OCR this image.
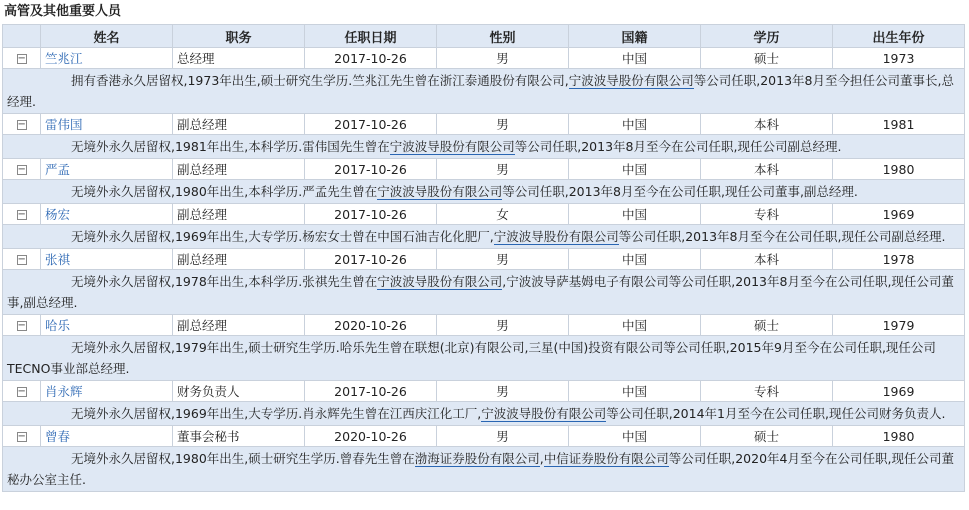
高管及其他重要人员
	姓名	职务	任职日期	性别	国籍	学历	出生年份
−	竺兆江	总经理	2017-10-26	男	中国	硕士	1973
拥有香港永久居留权,1973年出生,硕士研究生学历.竺兆江先生曾在浙江泰通股份有限公司,宁波波导股份有限公司等公司任职,2013年8月至今担任公司董事长,总经理.							
−	雷伟国	副总经理	2017-10-26	男	中国	本科	1981
无境外永久居留权,1981年出生,本科学历.雷伟国先生曾在宁波波导股份有限公司等公司任职,2013年8月至今在公司任职,现任公司副总经理.							
−	严孟	副总经理	2017-10-26	男	中国	本科	1980
无境外永久居留权,1980年出生,本科学历.严孟先生曾在宁波波导股份有限公司等公司任职,2013年8月至今在公司任职,现任公司董事,副总经理.							
−	杨宏	副总经理	2017-10-26	女	中国	专科	1969
无境外永久居留权,1969年出生,大专学历.杨宏女士曾在中国石油吉化化肥厂,宁波波导股份有限公司等公司任职,2013年8月至今在公司任职,现任公司副总经理.							
−	张祺	副总经理	2017-10-26	男	中国	本科	1978
无境外永久居留权,1978年出生,本科学历.张祺先生曾在宁波波导股份有限公司,宁波波导萨基姆电子有限公司等公司任职,2013年8月至今在公司任职,现任公司董事,副总经理.							
−	哈乐	副总经理	2020-10-26	男	中国	硕士	1979
无境外永久居留权,1979年出生,硕士研究生学历.哈乐先生曾在联想(北京)有限公司,三星(中国)投资有限公司等公司任职,2015年9月至今在公司任职,现任公司TECNO事业部总经理.							
−	肖永辉	财务负责人	2017-10-26	男	中国	专科	1969
无境外永久居留权,1969年出生,大专学历.肖永辉先生曾在江西庆江化工厂,宁波波导股份有限公司等公司任职,2014年1月至今在公司任职,现任公司财务负责人.							
−	曾春	董事会秘书	2020-10-26	男	中国	硕士	1980
无境外永久居留权,1980年出生,硕士研究生学历.曾春先生曾在渤海证券股份有限公司,中信证券股份有限公司等公司任职,2020年4月至今在公司任职,现任公司董秘办公室主任.							
